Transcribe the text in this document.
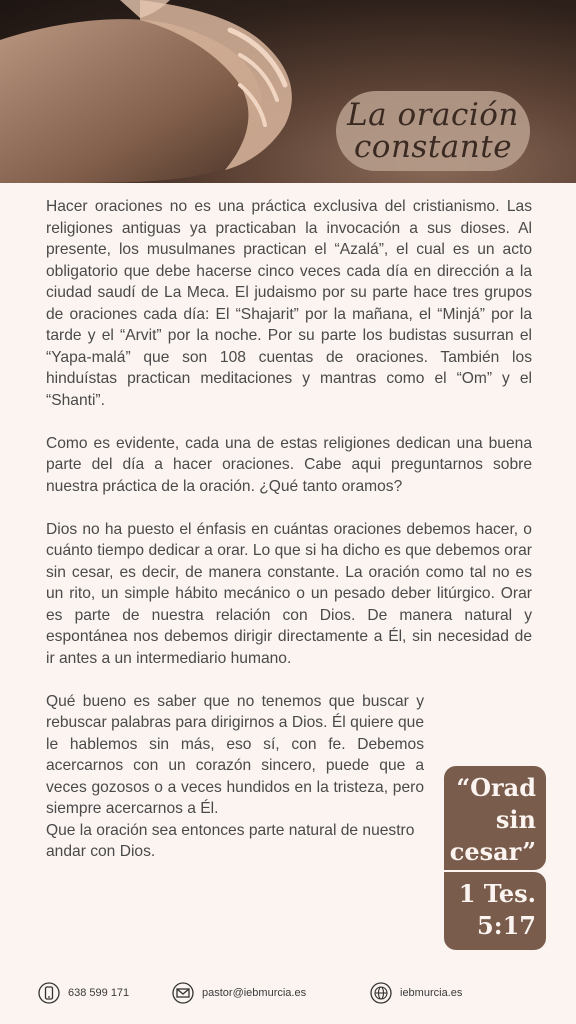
La oración
constante

Hacer oraciones no es una práctica exclusiva del cristianismo. Las religiones antiguas ya practicaban la invocación a sus dioses. Al presente, los musulmanes practican el “Azalá”, el cual es un acto obligatorio que debe hacerse cinco veces cada día en dirección a la ciudad saudí de La Meca. El judaismo por su parte hace tres grupos de oraciones cada día: El “Shajarit” por la mañana, el “Minjá” por la tarde y el “Arvit” por la noche. Por su parte los budistas susurran el “Yapa-malá” que son 108 cuentas de oraciones. También los hinduístas practican meditaciones y mantras como el “Om” y el “Shanti”.

Como es evidente, cada una de estas religiones dedican una buena parte del día a hacer oraciones. Cabe aqui preguntarnos sobre nuestra práctica de la oración. ¿Qué tanto oramos?

Dios no ha puesto el énfasis en cuántas oraciones debemos hacer, o cuánto tiempo dedicar a orar. Lo que si ha dicho es que debemos orar sin cesar, es decir, de manera constante. La oración como tal no es un rito, un simple hábito mecánico o un pesado deber litúrgico. Orar es parte de nuestra relación con Dios. De manera natural y espontánea nos debemos dirigir directamente a Él, sin necesidad de ir antes a un intermediario humano.

Qué bueno es saber que no tenemos que buscar y rebuscar palabras para dirigirnos a Dios. Él quiere que le hablemos sin más, eso sí, con fe. Debemos acercarnos con un corazón sincero, puede que a veces gozosos o a veces hundidos en la tristeza, pero siempre acercarnos a Él.

Que la oración sea entonces parte natural de nuestro andar con Dios.

“Orad
sin
cesar”
1 Tes.
5:17
638 599 171	pastor@iebmurcia.es	iebmurcia.es
